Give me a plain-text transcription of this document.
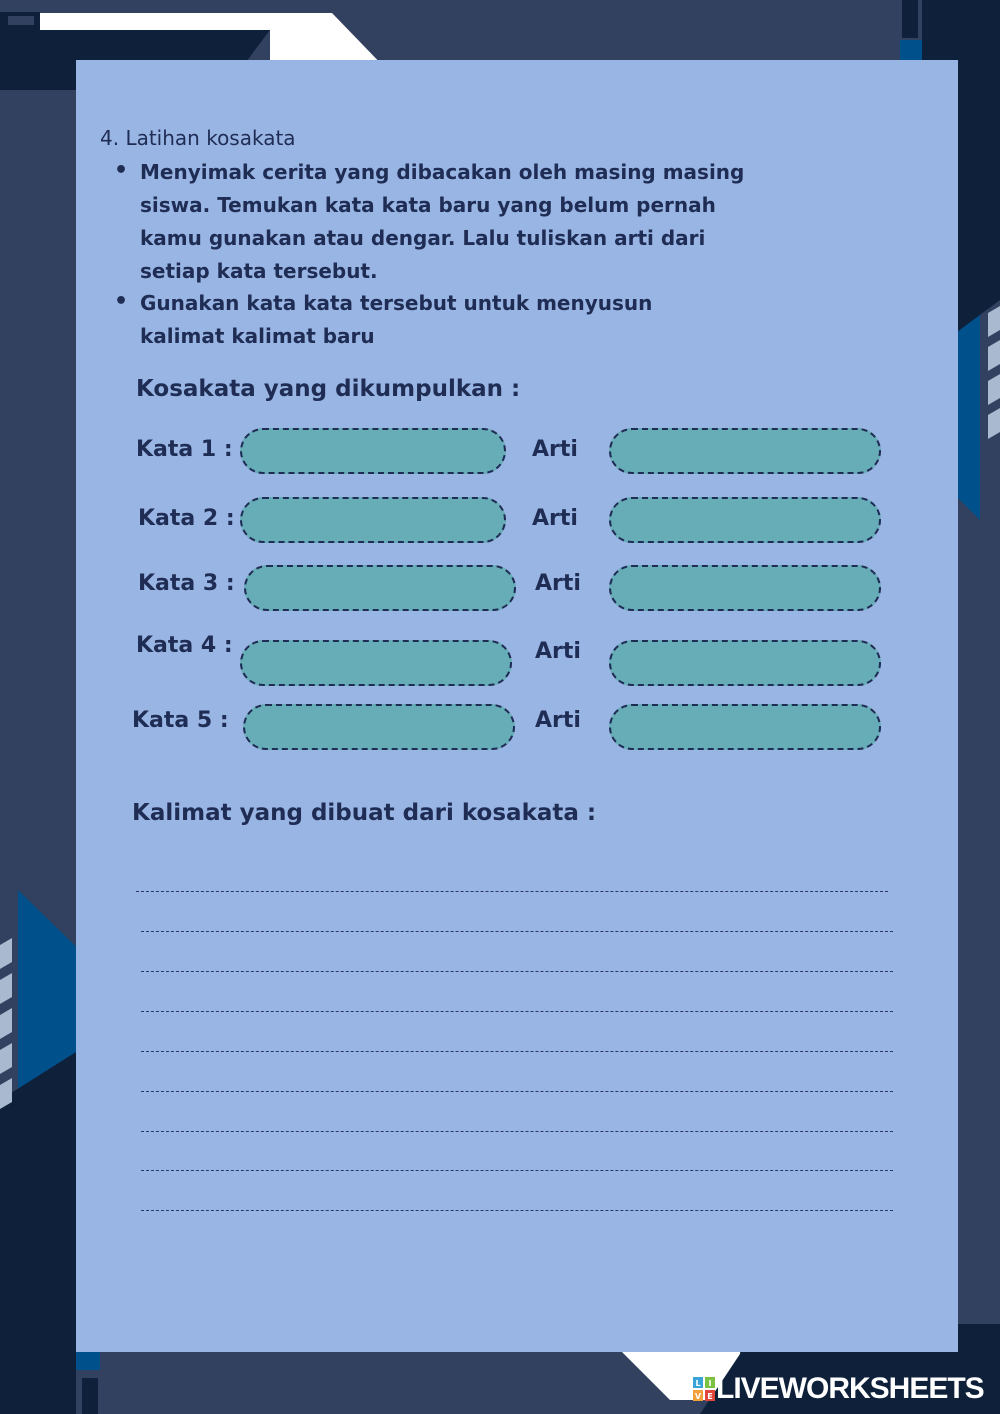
4. Latihan kosakata
• Menyimak cerita yang dibacakan oleh masing masing siswa. Temukan kata kata baru yang belum pernah kamu gunakan atau dengar. Lalu tuliskan arti dari setiap kata tersebut.
• Gunakan kata kata tersebut untuk menyusun kalimat kalimat baru
Kosakata yang dikumpulkan :
Kata 1 :	Arti
Kata 2 :	Arti
Kata 3 :	Arti
Kata 4 :	Arti
Kata 5 :	Arti
Kalimat yang dibuat dari kosakata :
L I
V E LIVEWORKSHEETS
